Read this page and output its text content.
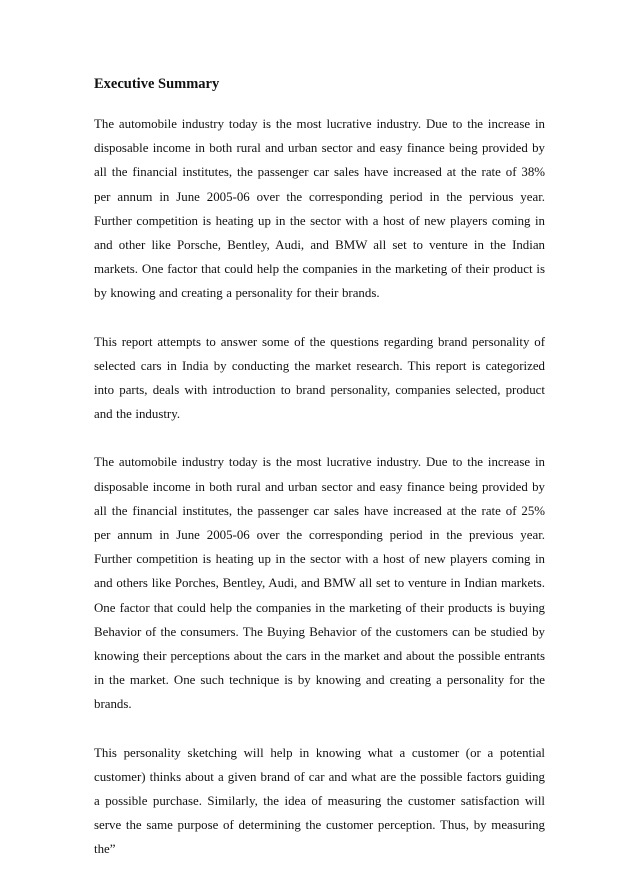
Executive Summary

The automobile industry today is the most lucrative industry. Due to the increase in disposable income in both rural and urban sector and easy finance being provided by all the financial institutes, the passenger car sales have increased at the rate of 38% per annum in June 2005-06 over the corresponding period in the pervious year. Further competition is heating up in the sector with a host of new players coming in and other like Porsche, Bentley, Audi, and BMW all set to venture in the Indian markets. One factor that could help the companies in the marketing of their product is by knowing and creating a personality for their brands.

This report attempts to answer some of the questions regarding brand personality of selected cars in India by conducting the market research. This report is categorized into parts, deals with introduction to brand personality, companies selected, product and the industry.

The automobile industry today is the most lucrative industry. Due to the increase in disposable income in both rural and urban sector and easy finance being provided by all the financial institutes, the passenger car sales have increased at the rate of 25% per annum in June 2005-06 over the corresponding period in the previous year. Further competition is heating up in the sector with a host of new players coming in and others like Porches, Bentley, Audi, and BMW all set to venture in Indian markets. One factor that could help the companies in the marketing of their products is buying Behavior of the consumers. The Buying Behavior of the customers can be studied by knowing their perceptions about the cars in the market and about the possible entrants in the market. One such technique is by knowing and creating a personality for the brands.

This personality sketching will help in knowing what a customer (or a potential customer) thinks about a given brand of car and what are the possible factors guiding a possible purchase. Similarly, the idea of measuring the customer satisfaction will serve the same purpose of determining the customer perception. Thus, by measuring the”
